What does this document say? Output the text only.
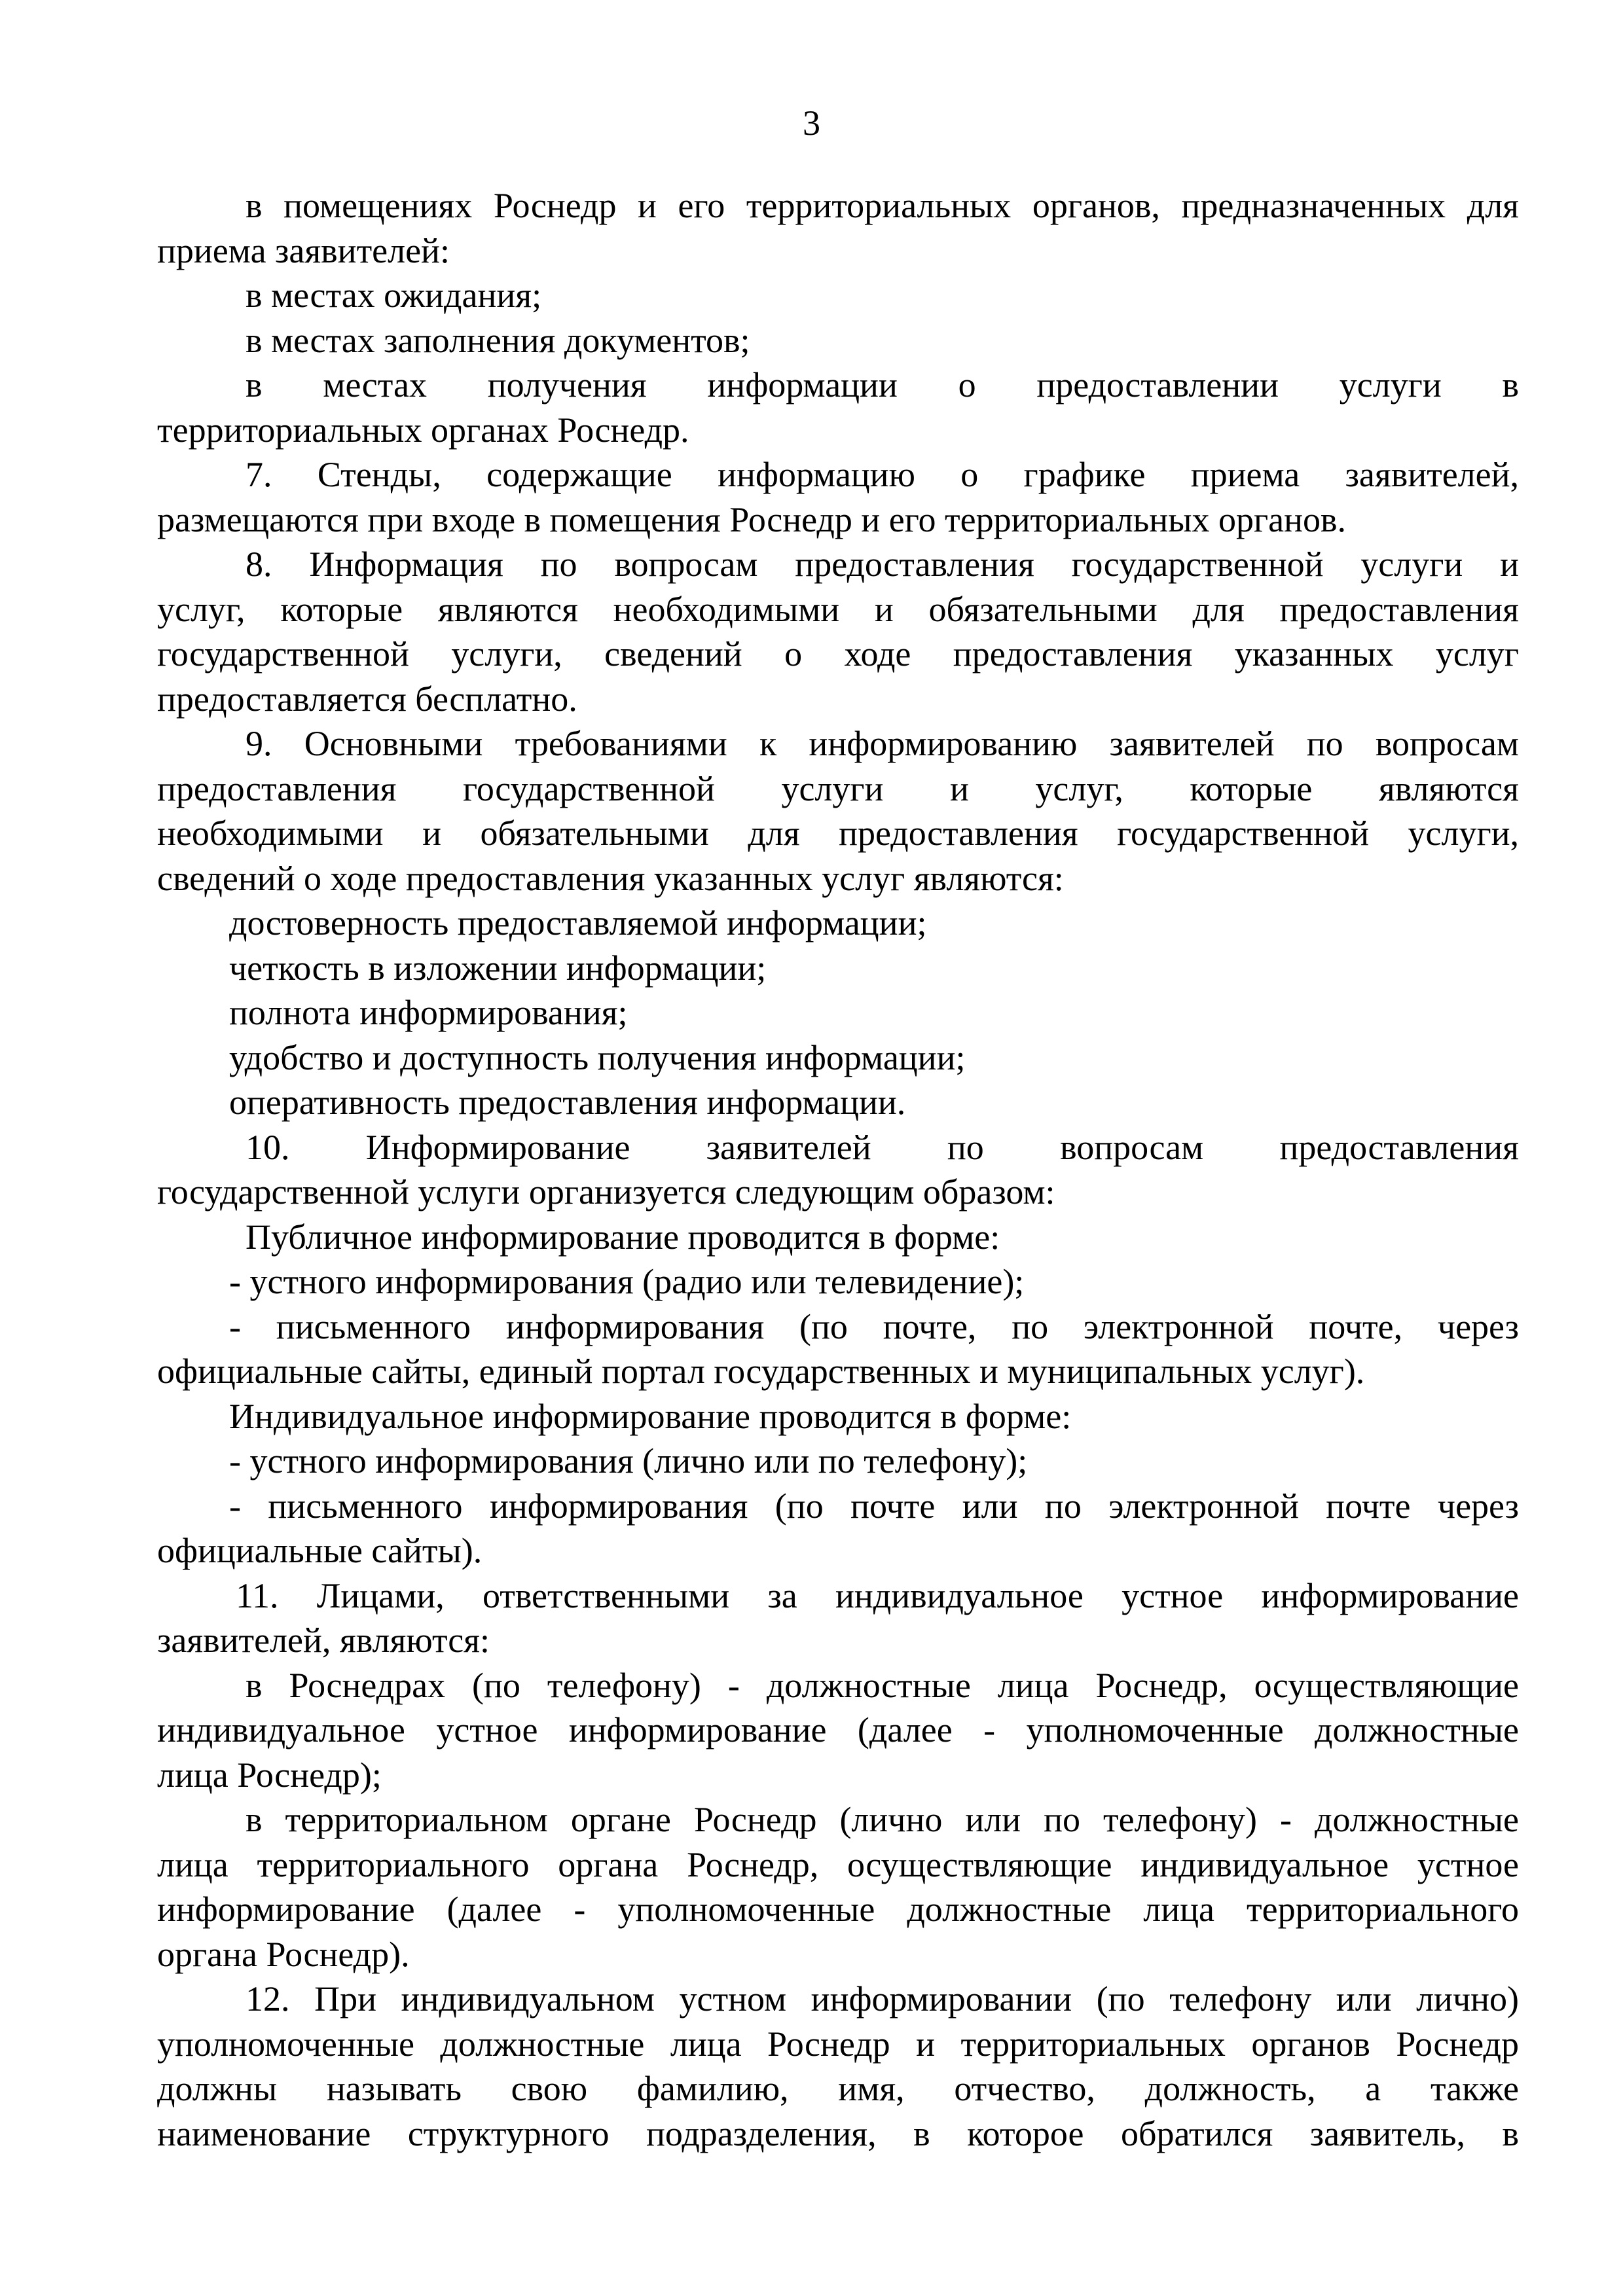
3
в помещениях Роснедр и его территориальных органов, предназначенных для
приема заявителей:
в местах ожидания;
в местах заполнения документов;
в местах получения информации о предоставлении услуги в
территориальных органах Роснедр.
7. Стенды, содержащие информацию о графике приема заявителей,
размещаются при входе в помещения Роснедр и его территориальных органов.
8. Информация по вопросам предоставления государственной услуги и
услуг, которые являются необходимыми и обязательными для предоставления
государственной услуги, сведений о ходе предоставления указанных услуг
предоставляется бесплатно.
9. Основными требованиями к информированию заявителей по вопросам
предоставления государственной услуги и услуг, которые являются
необходимыми и обязательными для предоставления государственной услуги,
сведений о ходе предоставления указанных услуг являются:
достоверность предоставляемой информации;
четкость в изложении информации;
полнота информирования;
удобство и доступность получения информации;
оперативность предоставления информации.
10. Информирование заявителей по вопросам предоставления
государственной услуги организуется следующим образом:
Публичное информирование проводится в форме:
- устного информирования (радио или телевидение);
- письменного информирования (по почте, по электронной почте, через
официальные сайты, единый портал государственных и муниципальных услуг).
Индивидуальное информирование проводится в форме:
- устного информирования (лично или по телефону);
- письменного информирования (по почте или по электронной почте через
официальные сайты).
11. Лицами, ответственными за индивидуальное устное информирование
заявителей, являются:
в Роснедрах (по телефону) - должностные лица Роснедр, осуществляющие
индивидуальное устное информирование (далее - уполномоченные должностные
лица Роснедр);
в территориальном органе Роснедр (лично или по телефону) - должностные
лица территориального органа Роснедр, осуществляющие индивидуальное устное
информирование (далее - уполномоченные должностные лица территориального
органа Роснедр).
12. При индивидуальном устном информировании (по телефону или лично)
уполномоченные должностные лица Роснедр и территориальных органов Роснедр
должны называть свою фамилию, имя, отчество, должность, а также
наименование структурного подразделения, в которое обратился заявитель, в
